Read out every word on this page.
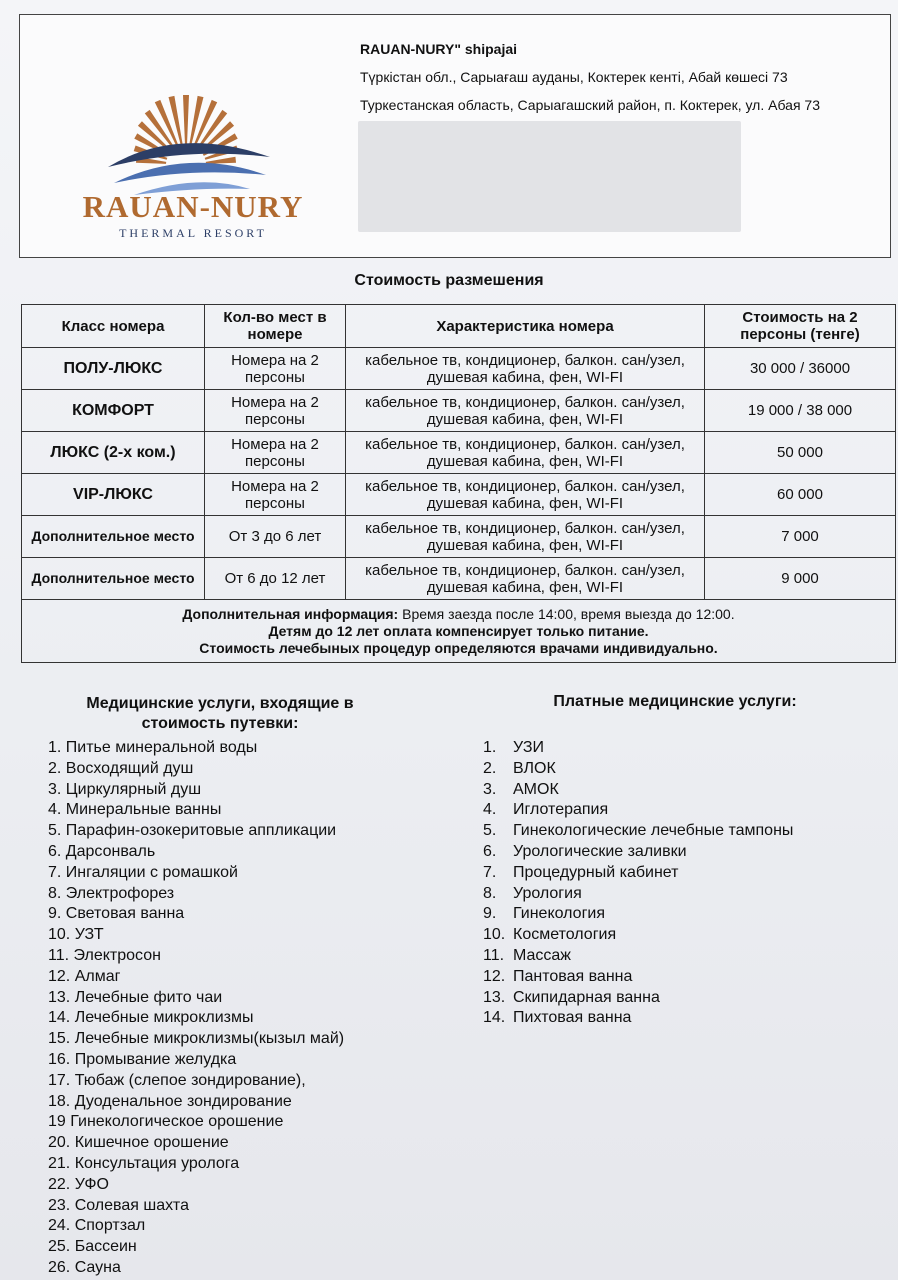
RAUAN-NURY
THERMAL RESORT
RAUAN-NURY" shipajai
Түркістан обл., Сарыағаш ауданы, Коктерек кенті, Абай көшесі 73
Туркестанская область, Сарыагашский район, п. Коктерек, ул. Абая 73
Стоимость размешения
Класс номера	Кол-во мест в номере	Характеристика номера	Стоимость на 2 персоны (тенге)
ПОЛУ-ЛЮКС	Номера на 2 персоны	кабельное тв, кондиционер, балкон. сан/узел, душевая кабина, фен, WI-FI	30 000 / 36000
КОМФОРТ	Номера на 2 персоны	кабельное тв, кондиционер, балкон. сан/узел, душевая кабина, фен, WI-FI	19 000 / 38 000
ЛЮКС (2-х ком.)	Номера на 2 персоны	кабельное тв, кондиционер, балкон. сан/узел, душевая кабина, фен, WI-FI	50 000
VIP-ЛЮКС	Номера на 2 персоны	кабельное тв, кондиционер, балкон. сан/узел, душевая кабина, фен, WI-FI	60 000
Дополнительное место	От 3 до 6 лет	кабельное тв, кондиционер, балкон. сан/узел, душевая кабина, фен, WI-FI	7 000
Дополнительное место	От 6 до 12 лет	кабельное тв, кондиционер, балкон. сан/узел, душевая кабина, фен, WI-FI	9 000
Дополнительная информация: Время заезда после 14:00, время выезда до 12:00.
Детям до 12 лет оплата компенсирует только питание.
Стоимость лечебыных процедур определяются врачами индивидуально.			
Медицинские услуги, входящие в
стоимость путевки:
1. Питье минеральной воды
2. Восходящий душ
3. Циркулярный душ
4. Минеральные ванны
5. Парафин-озокеритовые аппликации
6. Дарсонваль
7. Ингаляции с ромашкой
8. Электрофорез
9. Световая ванна
10. УЗТ
11. Электросон
12. Алмаг
13. Лечебные фито чаи
14. Лечебные микроклизмы
15. Лечебные микроклизмы(кызыл май)
16. Промывание желудка
17. Тюбаж (слепое зондирование),
18. Дуоденальное зондирование
19 Гинекологическое орошение
20. Кишечное орошение
21. Консультация уролога
22. УФО
23. Солевая шахта
24. Спортзал
25. Бассеин
26. Сауна
Платные медицинские услуги:
1. УЗИ
2. ВЛОК
3. АМОК
4. Иглотерапия
5. Гинекологические лечебные тампоны
6. Урологические заливки
7. Процедурный кабинет
8. Урология
9. Гинекология
10. Косметология
11. Массаж
12. Пантовая ванна
13. Скипидарная ванна
14. Пихтовая ванна
